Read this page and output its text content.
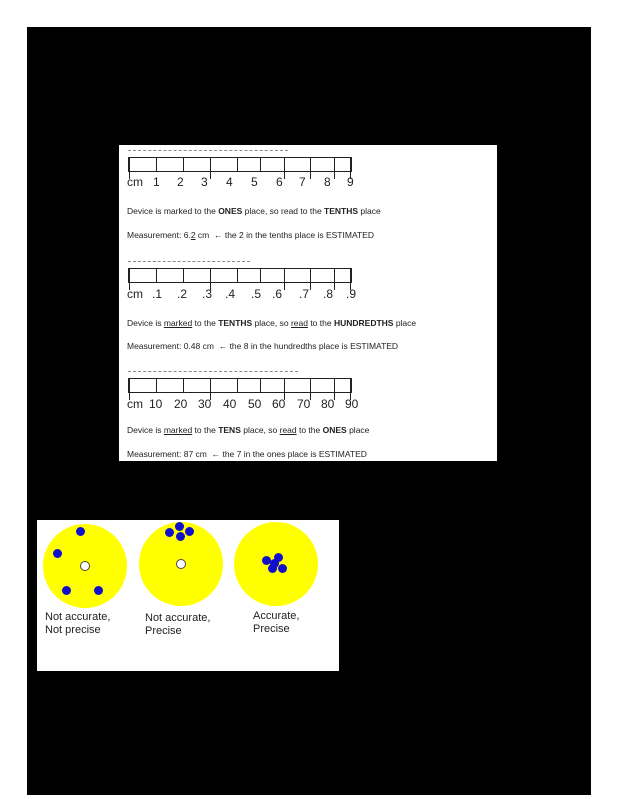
cm 1 2 3 4 5 6 7 8 9
Device is marked to the ONES place, so read to the TENTHS place
Measurement: 6.2 cm ← the 2 in the tenths place is ESTIMATED
cm .1 .2 .3 .4 .5 .6 .7 .8 .9
Device is marked to the TENTHS place, so read to the HUNDREDTHS place
Measurement: 0.48 cm ← the 8 in the hundredths place is ESTIMATED
cm 10 20 30 40 50 60 70 80 90
Device is marked to the TENS place, so read to the ONES place
Measurement: 87 cm ← the 7 in the ones place is ESTIMATED
Not accurate,
Not precise
Not accurate,
Precise
Accurate,
Precise
